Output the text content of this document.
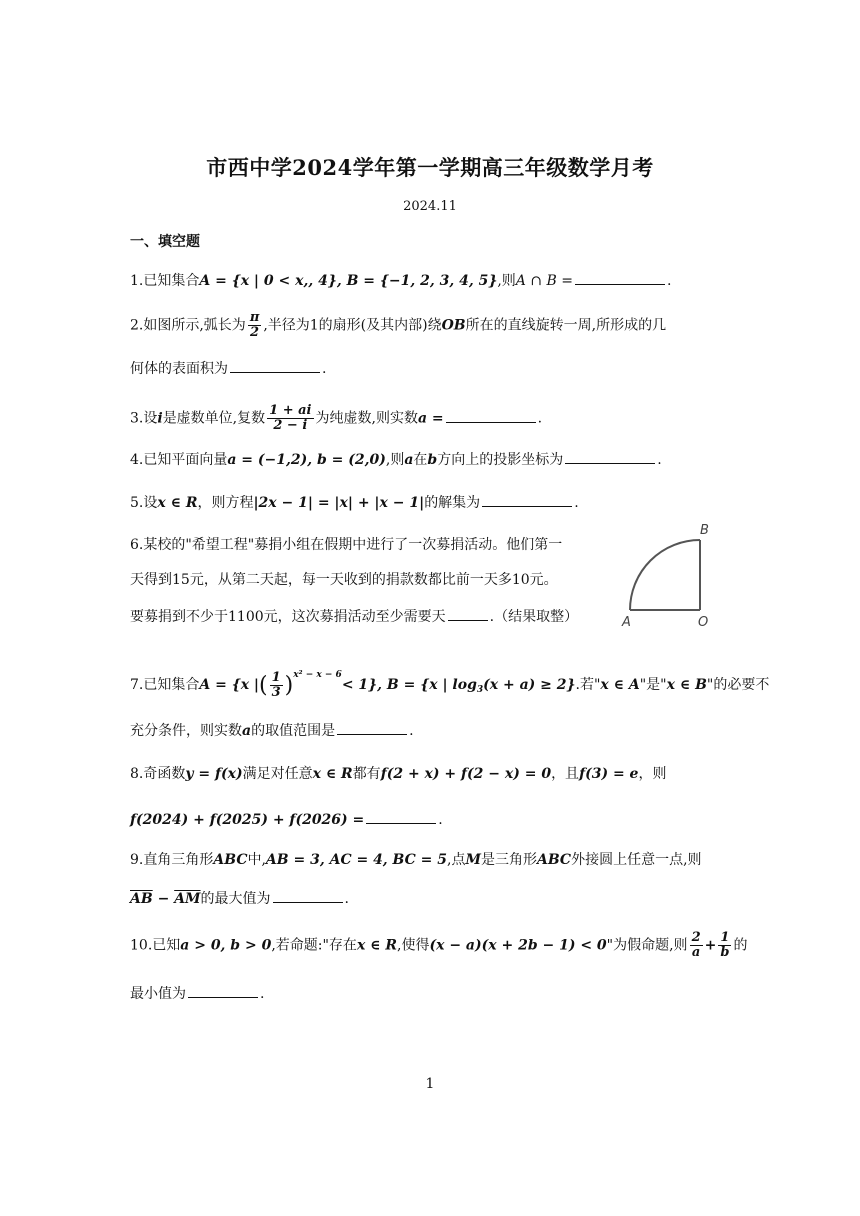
市西中学2024学年第一学期高三年级数学月考
2024.11
一、填空题
1.已知集合A = {x | 0 < x,, 4}, B = {−1, 2, 3, 4, 5},则A ∩ B =	.
2.如图所示,弧长为 $\frac{\pi}{2}$ ,半径为1的扇形(及其内部)绕OB所在的直线旋转一周,所形成的几
何体的表面积为	.
3.设i是虚数单位,复数 $\frac{1 + ai}{2 - i}$ 为纯虚数,则实数a =	.
4.已知平面向量a = (−1,2), b = (2,0),则a在b方向上的投影坐标为	.
5.设x ∈ R，则方程|2x − 1| = |x| + |x − 1|的解集为	.
6.某校的"希望工程"募捐小组在假期中进行了一次募捐活动。他们第一
天得到15元，从第二天起，每一天收到的捐款数都比前一天多10元。
要募捐到不少于1100元，这次募捐活动至少需要天	.（结果取整）	A	O
B
7.已知集合A = {x |( $\frac{1}{3} )^{x^2 - x - 6}< 1$}, B = {x | $\log_3(x + a) \ge 2$}.若"x ∈ A"是"x ∈ B"的必要不
充分条件，则实数a的取值范围是	.
8.奇函数y = f(x)满足对任意x ∈ R都有f(2 + x) + f(2 − x) = 0，且f(3) = e，则
f(2024) + f(2025) + f(2026) =	.
9.直角三角形ABC中,AB = 3, AC = 4, BC = 5,点M是三角形ABC外接圆上任意一点,则
$\overline{AB} - \overline{AM}$的最大值为	.
10.已知a > 0, b > 0,若命题:"存在x ∈ R,使得(x − a)(x + 2b − 1) < 0"为假命题,则 $\frac{2}{a} + \frac{1}{b}$ 的
最小值为	.
1
